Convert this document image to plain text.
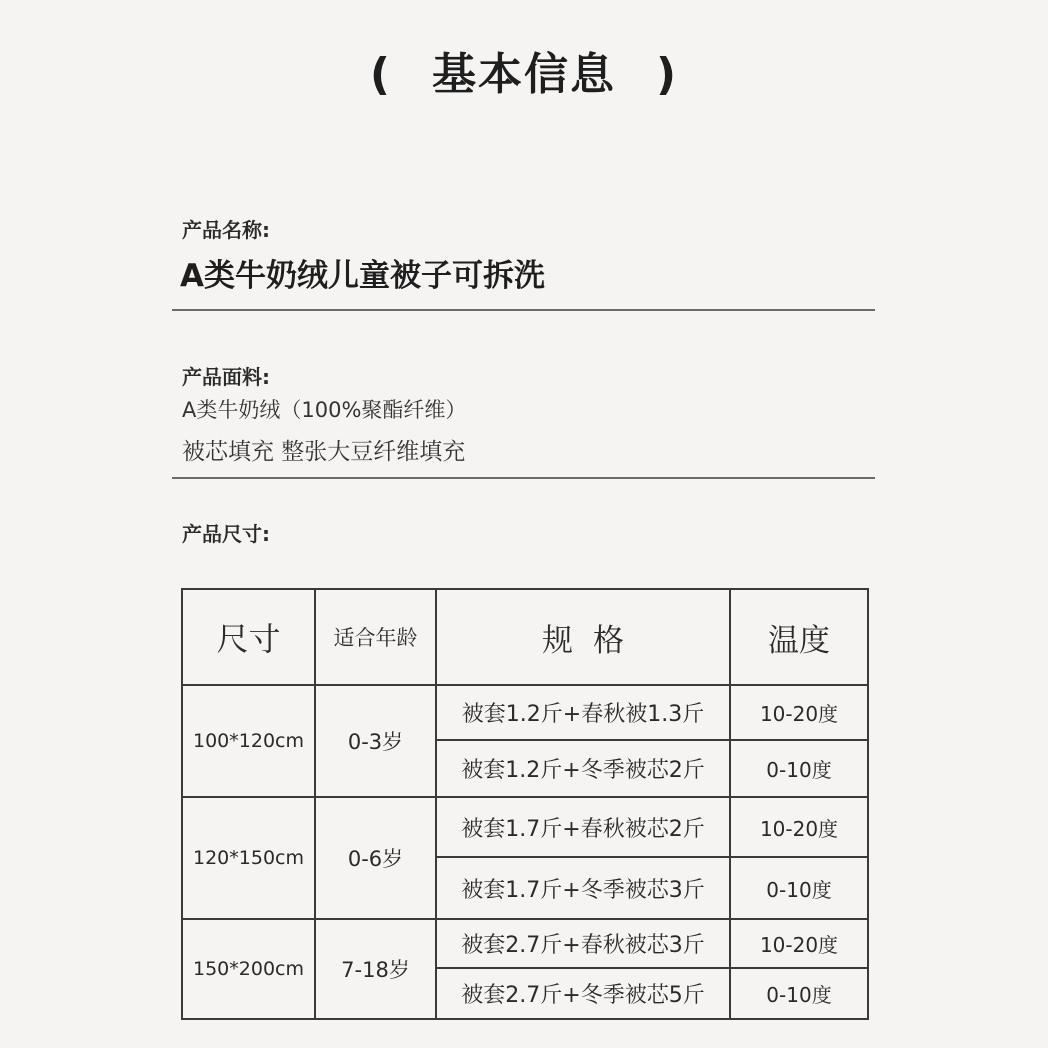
( 基本信息 )
产品名称:
A类牛奶绒儿童被子可拆洗
产品面料:
A类牛奶绒（100%聚酯纤维）
被芯填充 整张大豆纤维填充
产品尺寸:
尺寸	适合年龄	规格	温度
100*120cm	0-3岁	被套1.2斤+春秋被1.3斤	10-20度
		被套1.2斤+冬季被芯2斤	0-10度
120*150cm	0-6岁	被套1.7斤+春秋被芯2斤	10-20度
		被套1.7斤+冬季被芯3斤	0-10度
150*200cm	7-18岁	被套2.7斤+春秋被芯3斤	10-20度
		被套2.7斤+冬季被芯5斤	0-10度
